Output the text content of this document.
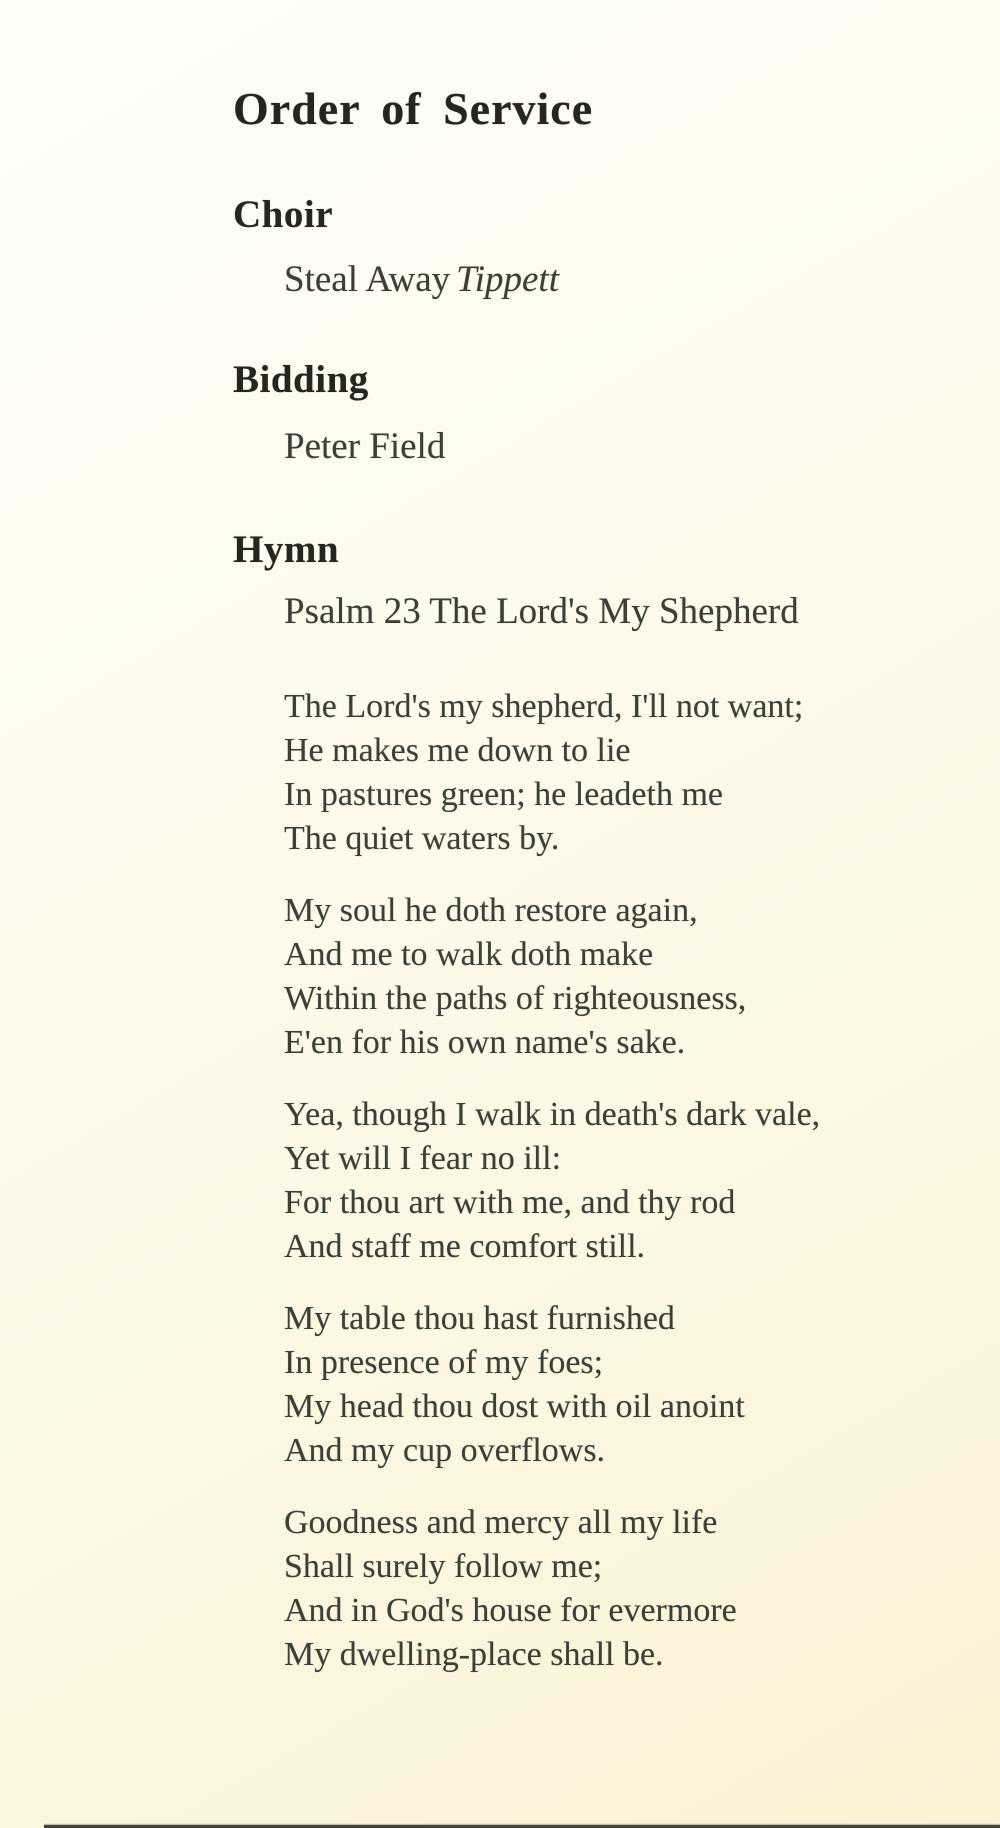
Order of Service
Choir
Steal Away Tippett
Bidding
Peter Field
Hymn
Psalm 23 The Lord's My Shepherd
The Lord's my shepherd, I'll not want;
He makes me down to lie
In pastures green; he leadeth me
The quiet waters by.
My soul he doth restore again,
And me to walk doth make
Within the paths of righteousness,
E'en for his own name's sake.
Yea, though I walk in death's dark vale,
Yet will I fear no ill:
For thou art with me, and thy rod
And staff me comfort still.
My table thou hast furnished
In presence of my foes;
My head thou dost with oil anoint
And my cup overflows.
Goodness and mercy all my life
Shall surely follow me;
And in God's house for evermore
My dwelling-place shall be.
